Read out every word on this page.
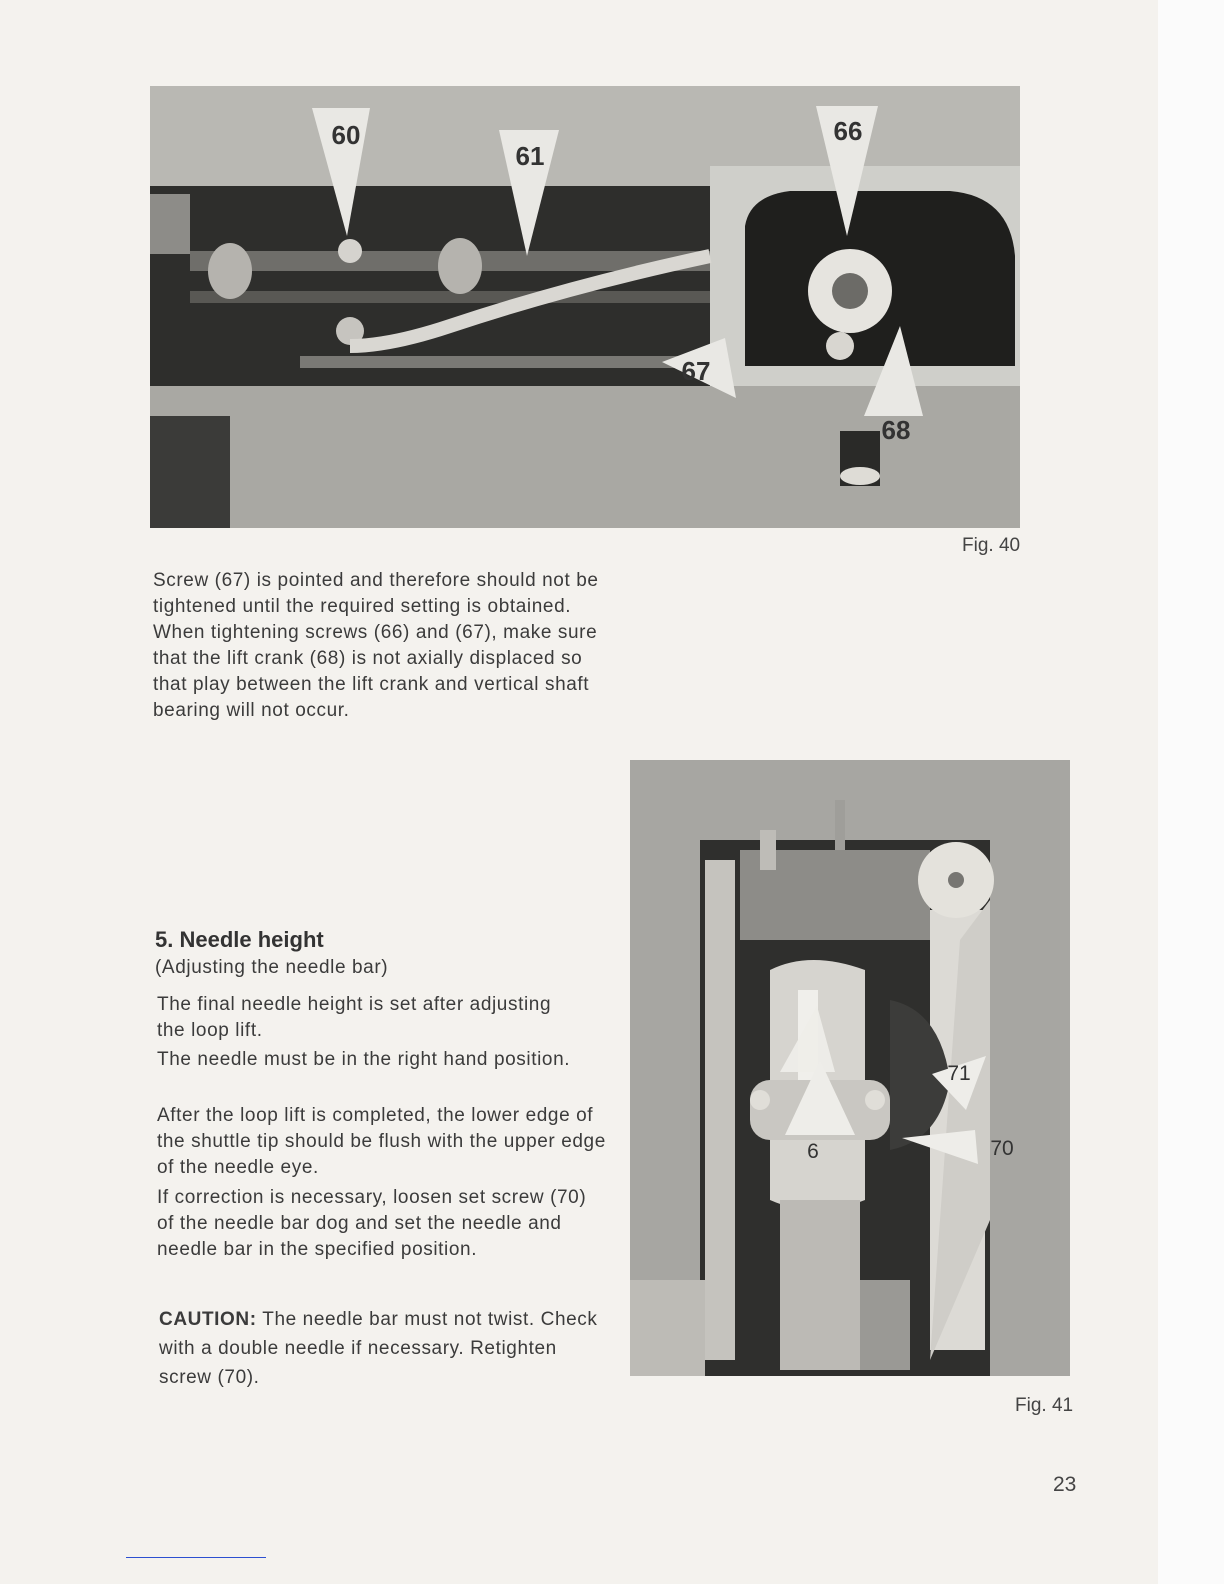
60
61
66
67
68
Fig. 40

Screw (67) is pointed and therefore should not be tightened until the required setting is obtained. When tightening screws (66) and (67), make sure that the lift crank (68) is not axially displaced so that play between the lift crank and vertical shaft bearing will not occur.

6
71
70
Fig. 41
5. Needle height
(Adjusting the needle bar)

The final needle height is set after adjusting the loop lift.

The needle must be in the right hand position.

After the loop lift is completed, the lower edge of the shuttle tip should be flush with the upper edge of the needle eye.

If correction is necessary, loosen set screw (70) of the needle bar dog and set the needle and needle bar in the specified position.

CAUTION: The needle bar must not twist. Check with a double needle if necessary. Retighten screw (70).

23
